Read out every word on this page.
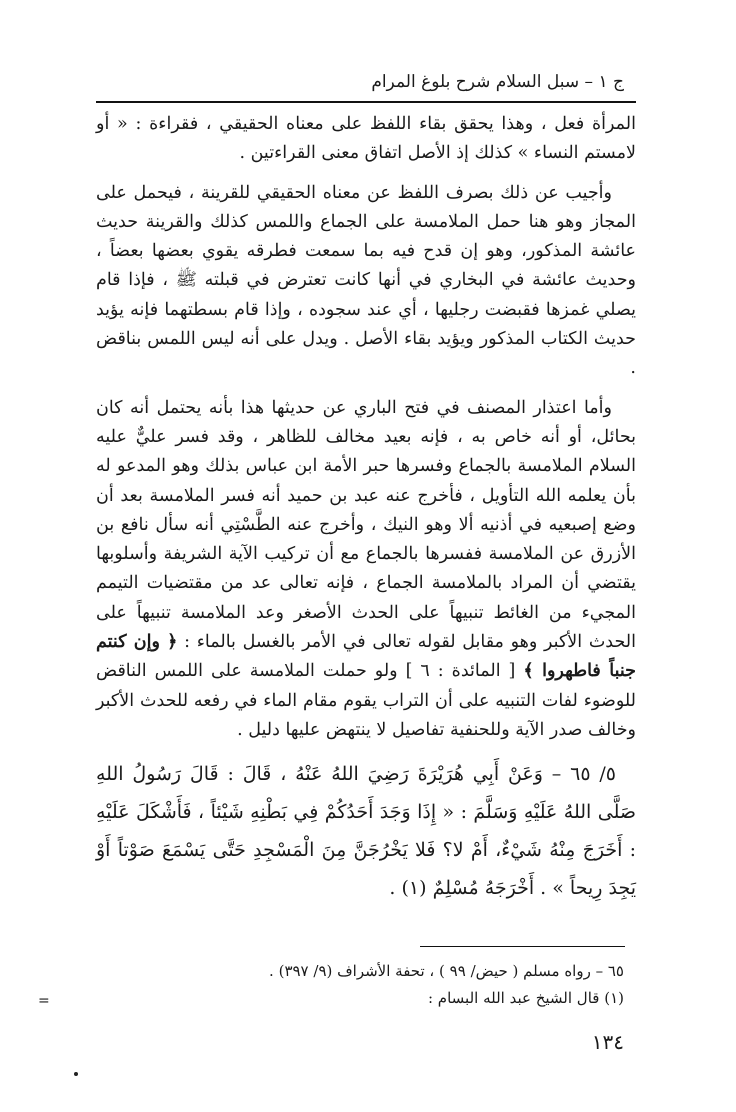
ج ١ – سبل السلام شرح بلوغ المرام

المرأة فعل ، وهذا يحقق بقاء اللفظ على معناه الحقيقي ، فقراءة : « أو لامستم النساء » كذلك إذ الأصل اتفاق معنى القراءتين .

وأجيب عن ذلك بصرف اللفظ عن معناه الحقيقي للقرينة ، فيحمل على المجاز وهو هنا حمل الملامسة على الجماع واللمس كذلك والقرينة حديث عائشة المذكور، وهو إن قدح فيه بما سمعت فطرقه يقوي بعضها بعضاً ، وحديث عائشة في البخاري في أنها كانت تعترض في قبلته ﷺ ، فإذا قام يصلي غمزها فقبضت رجليها ، أي عند سجوده ، وإذا قام بسطتهما فإنه يؤيد حديث الكتاب المذكور ويؤيد بقاء الأصل . ويدل على أنه ليس اللمس بناقض .

وأما اعتذار المصنف في فتح الباري عن حديثها هذا بأنه يحتمل أنه كان بحائل، أو أنه خاص به ، فإنه بعيد مخالف للظاهر ، وقد فسر عليٌّ عليه السلام الملامسة بالجماع وفسرها حبر الأمة ابن عباس بذلك وهو المدعو له بأن يعلمه الله التأويل ، فأخرج عنه عبد بن حميد أنه فسر الملامسة بعد أن وضع إصبعيه في أذنيه ألا وهو النيك ، وأخرج عنه الطَّسْتِي أنه سأل نافع بن الأزرق عن الملامسة ففسرها بالجماع مع أن تركيب الآية الشريفة وأسلوبها يقتضي أن المراد بالملامسة الجماع ، فإنه تعالى عد من مقتضيات التيمم المجيء من الغائط تنبيهاً على الحدث الأصغر وعد الملامسة تنبيهاً على الحدث الأكبر وهو مقابل لقوله تعالى في الأمر بالغسل بالماء : ﴿ وإن كنتم جنباً فاطهروا ﴾ [ المائدة : ٦ ] ولو حملت الملامسة على اللمس الناقض للوضوء لفات التنبيه على أن التراب يقوم مقام الماء في رفعه للحدث الأكبر وخالف صدر الآية وللحنفية تفاصيل لا ينتهض عليها دليل .

٥/ ٦٥ – وَعَنْ أَبِي هُرَيْرَةَ رَضِيَ اللهُ عَنْهُ ، قَالَ : قَالَ رَسُولُ اللهِ صَلَّى اللهُ عَلَيْهِ وَسَلَّمَ : « إِذَا وَجَدَ أَحَدُكُمْ فِي بَطْنِهِ شَيْئاً ، فَأَشْكَلَ عَلَيْهِ : أَخَرَجَ مِنْهُ شَيْءٌ، أَمْ لا؟ فَلا يَخْرُجَنَّ مِنَ الْمَسْجِدِ حَتَّى يَسْمَعَ صَوْتاً أَوْ يَجِدَ رِيحاً » . أَخْرَجَهُ مُسْلِمٌ (١) .

٦٥ – رواه مسلم ( حيض/ ٩٩ ) ، تحفة الأشراف (٩/ ٣٩٧) .
(١) قال الشيخ عبد الله البسام :
=
١٣٤
